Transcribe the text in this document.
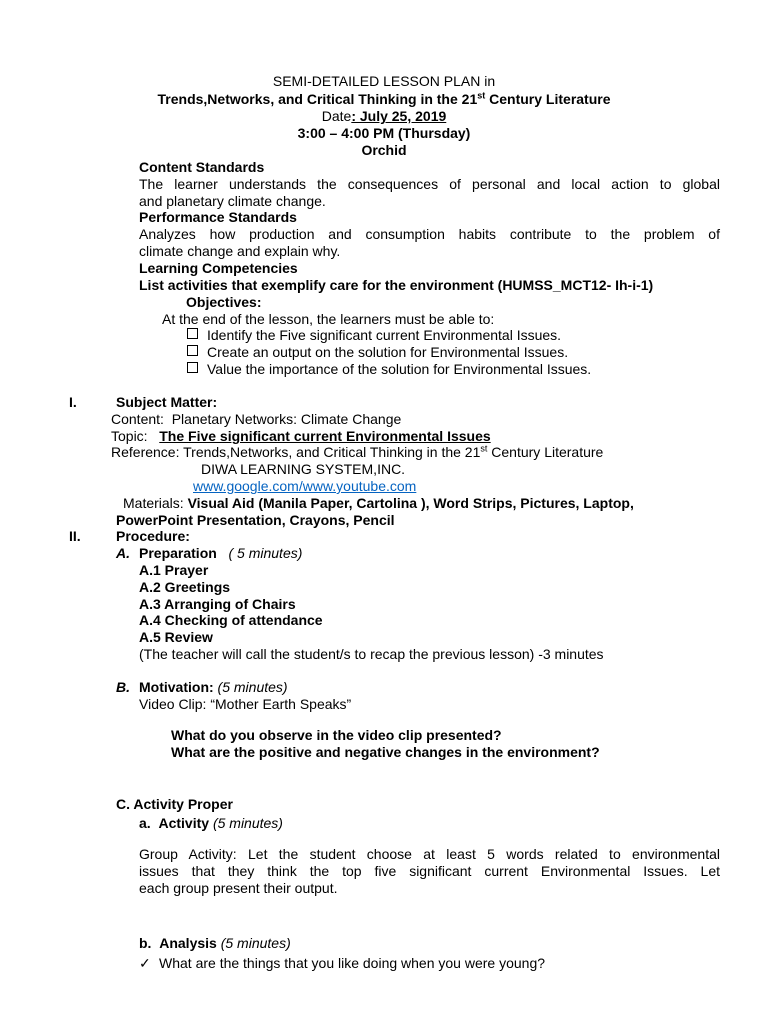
SEMI-DETAILED LESSON PLAN in
Trends,Networks, and Critical Thinking in the 21st Century Literature
Date: July 25, 2019
3:00 – 4:00 PM (Thursday)
Orchid
Content Standards
The learner understands the consequences of personal and local action to global
and planetary climate change.
Performance Standards
Analyzes how production and consumption habits contribute to the problem of
climate change and explain why.
Learning Competencies
List activities that exemplify care for the environment (HUMSS_MCT12- Ih-i-1)
Objectives:
At the end of the lesson, the learners must be able to:
Identify the Five significant current Environmental Issues.
Create an output on the solution for Environmental Issues.
Value the importance of the solution for Environmental Issues.
I.	Subject Matter:
Content: Planetary Networks: Climate Change
Topic: The Five significant current Environmental Issues
Reference: Trends,Networks, and Critical Thinking in the 21st Century Literature
DIWA LEARNING SYSTEM,INC.
www.google.com/www.youtube.com
Materials: Visual Aid (Manila Paper, Cartolina ), Word Strips, Pictures, Laptop,
PowerPoint Presentation, Crayons, Pencil
II.	Procedure:
A. Preparation ( 5 minutes)
A.1 Prayer
A.2 Greetings
A.3 Arranging of Chairs
A.4 Checking of attendance
A.5 Review
(The teacher will call the student/s to recap the previous lesson) -3 minutes
B. Motivation: (5 minutes)
Video Clip: “Mother Earth Speaks”
What do you observe in the video clip presented?
What are the positive and negative changes in the environment?
C. Activity Proper
a. Activity (5 minutes)
Group Activity: Let the student choose at least 5 words related to environmental
issues that they think the top five significant current Environmental Issues. Let
each group present their output.
b. Analysis (5 minutes)
✓ What are the things that you like doing when you were young?
